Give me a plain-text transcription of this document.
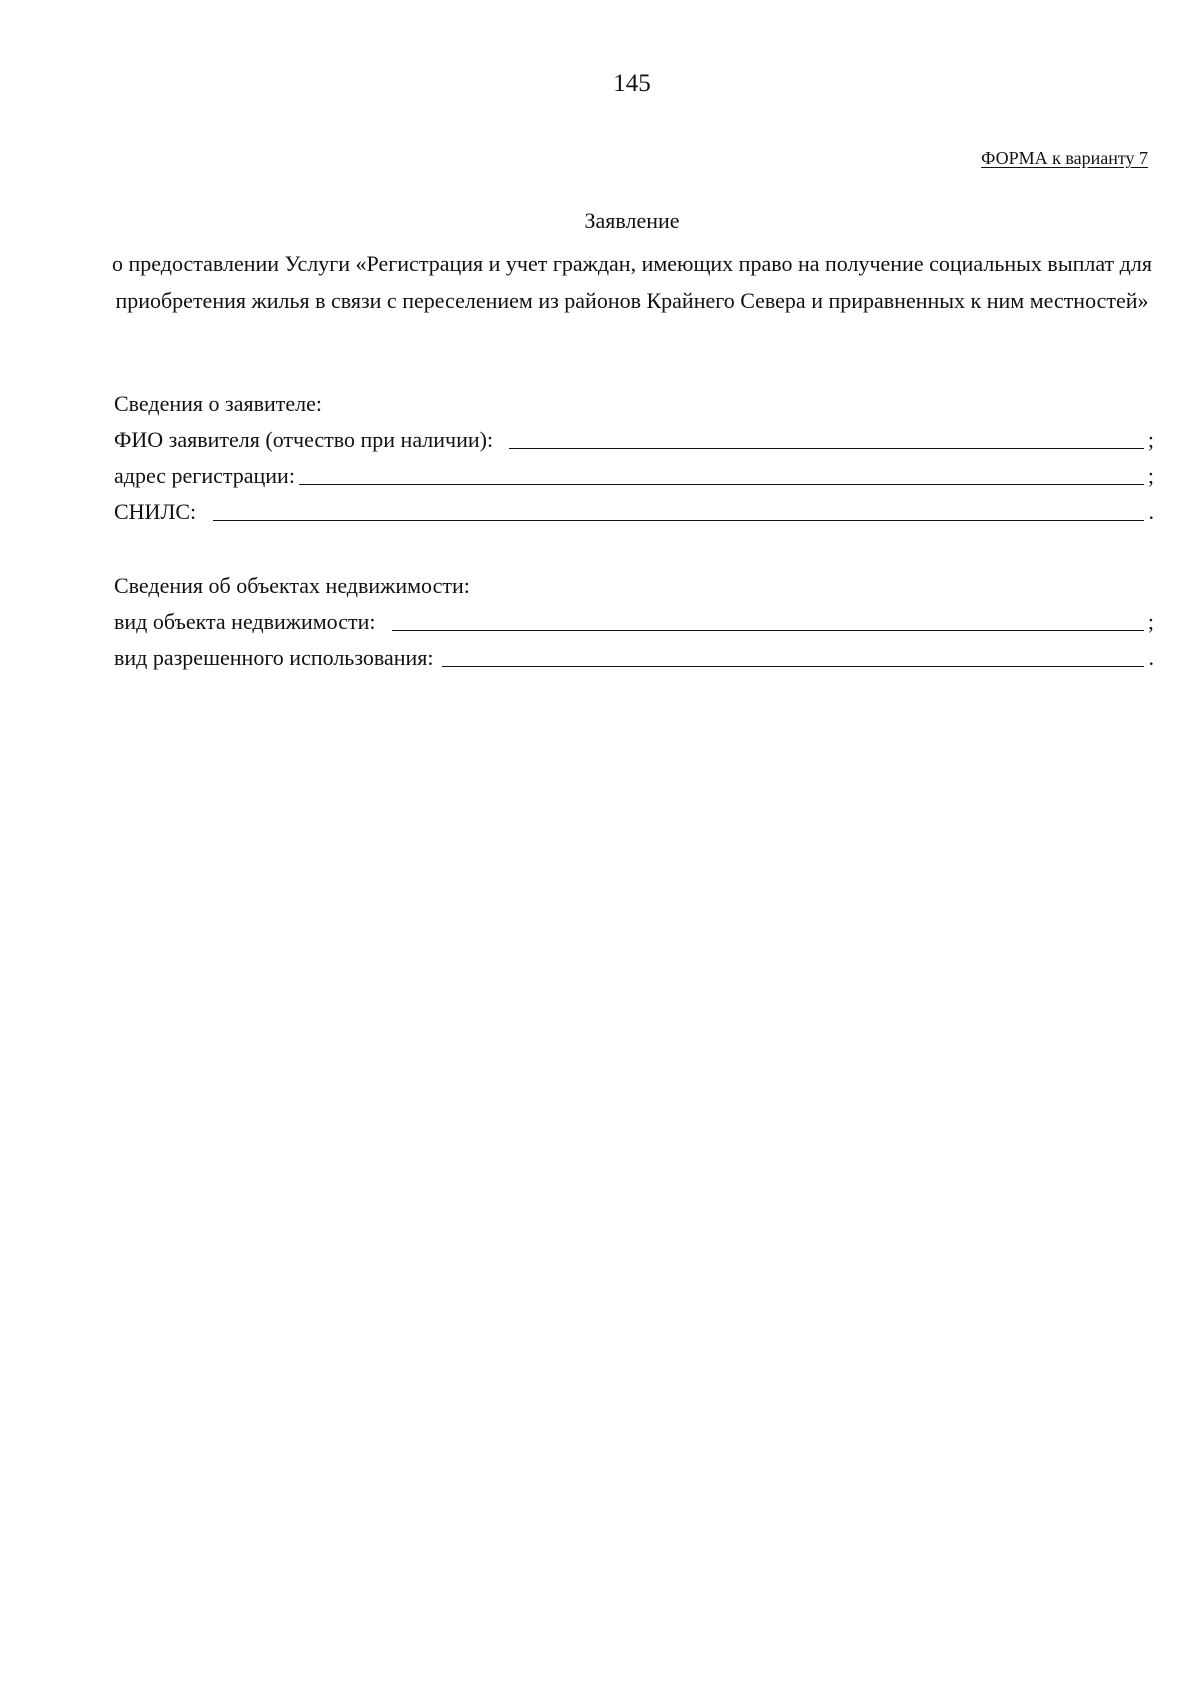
145
ФОРМА к варианту 7
Заявление
о предоставлении Услуги «Регистрация и учет граждан, имеющих право на получение социальных выплат для приобретения жилья в связи с переселением из районов Крайнего Севера и приравненных к ним местностей»
Сведения о заявителе:
ФИО заявителя (отчество при наличии):	;
адрес регистрации:	;
СНИЛС:	.
Сведения об объектах недвижимости:
вид объекта недвижимости:	;
вид разрешенного использования:	.
